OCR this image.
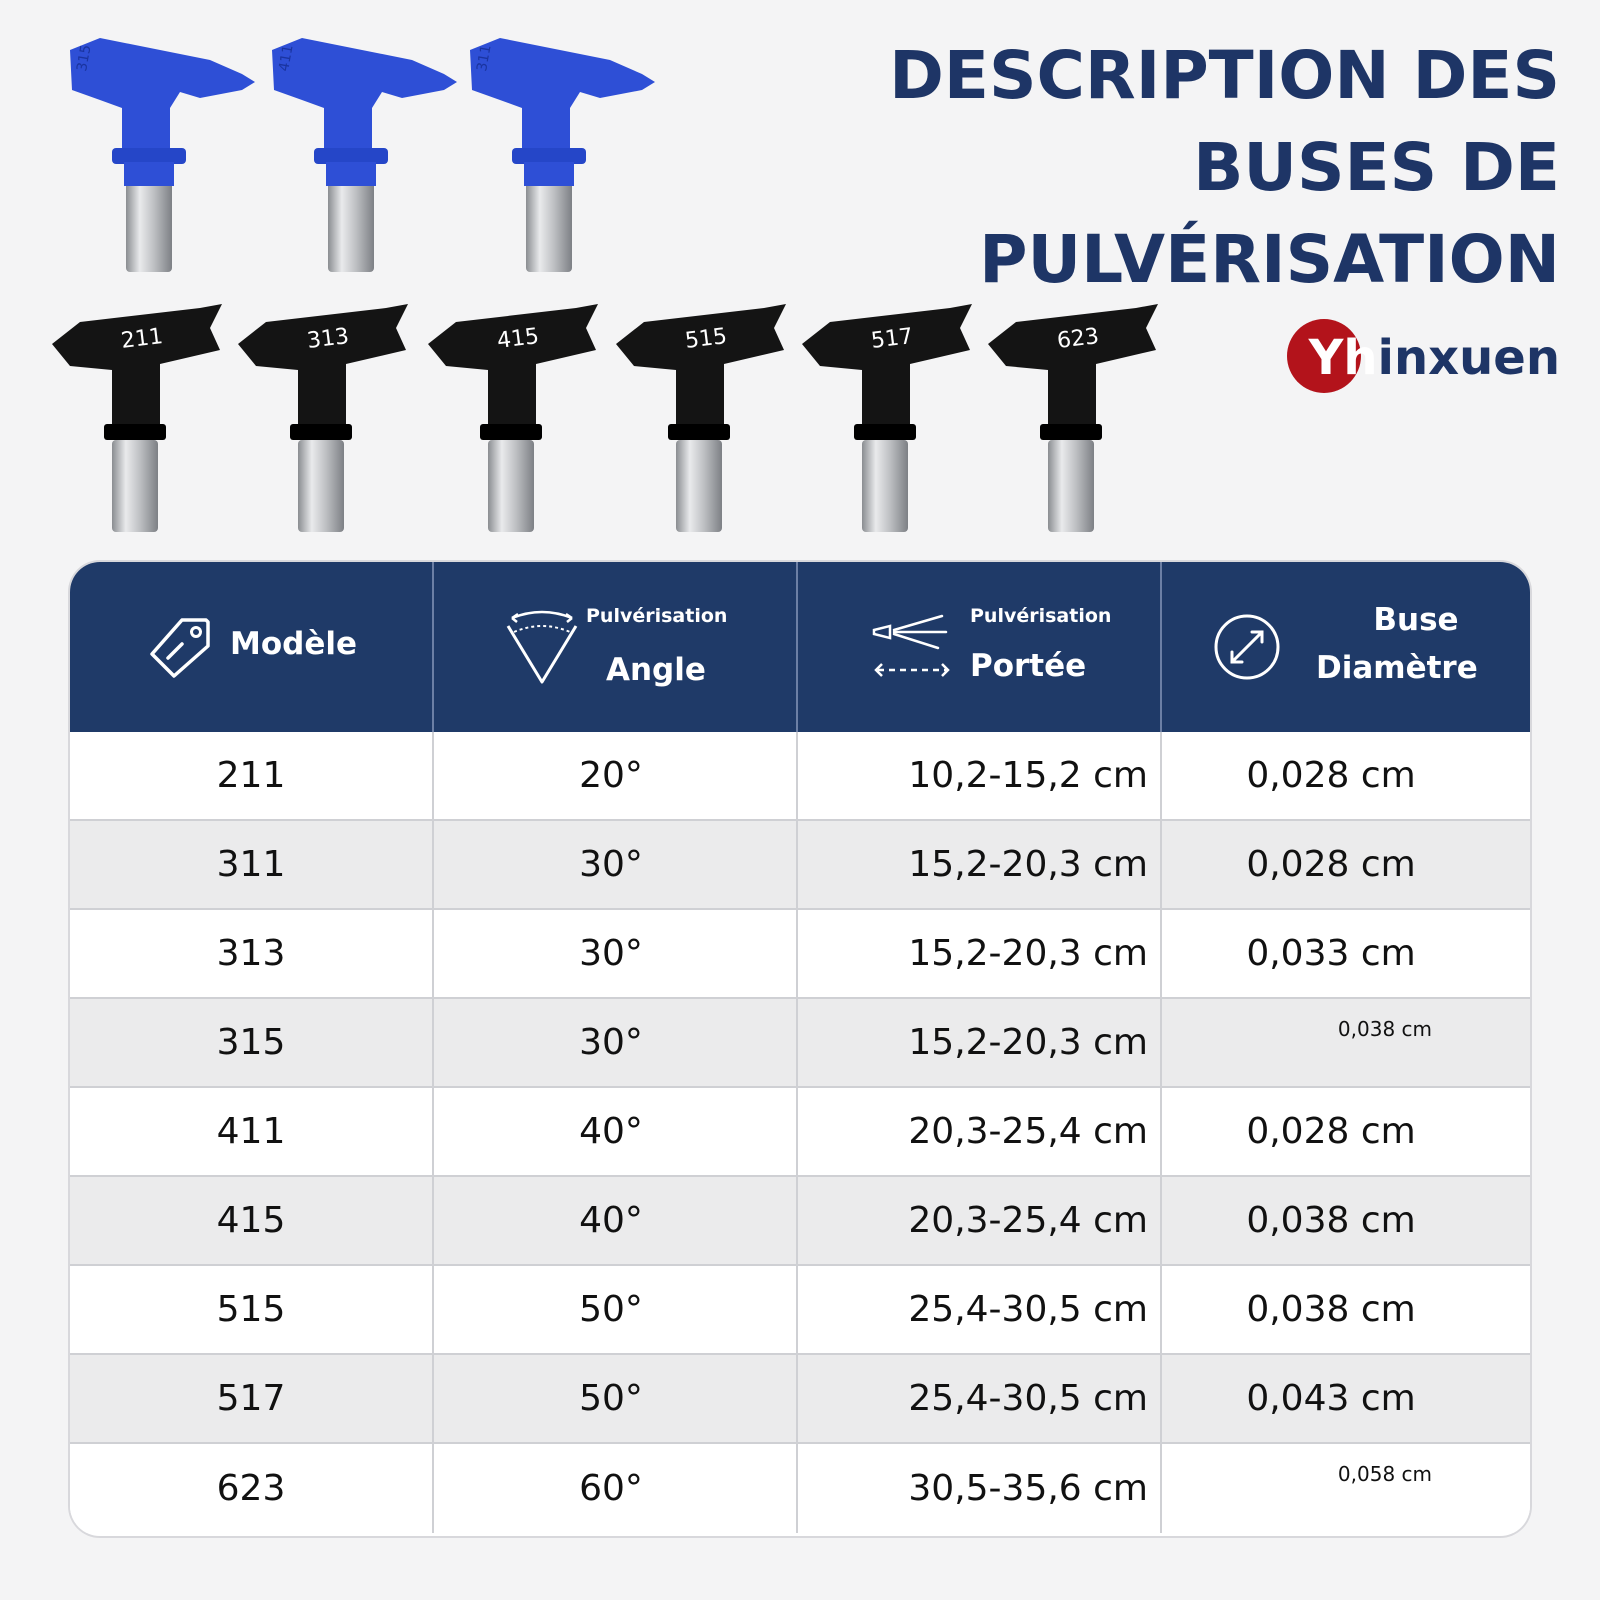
315	411	311
211	313	415	515	517	623
DESCRIPTION DES
BUSES DE
PULVÉRISATION
Yhinxuen
Modèle
Pulvérisation
Angle
Pulvérisation
Portée
Buse
Diamètre
211	20°	10,2-15,2 cm	0,028 cm
311	30°	15,2-20,3 cm	0,028 cm
313	30°	15,2-20,3 cm	0,033 cm
315	30°	15,2-20,3 cm	0,038 cm
411	40°	20,3-25,4 cm	0,028 cm
415	40°	20,3-25,4 cm	0,038 cm
515	50°	25,4-30,5 cm	0,038 cm
517	50°	25,4-30,5 cm	0,043 cm
623	60°	30,5-35,6 cm	0,058 cm
